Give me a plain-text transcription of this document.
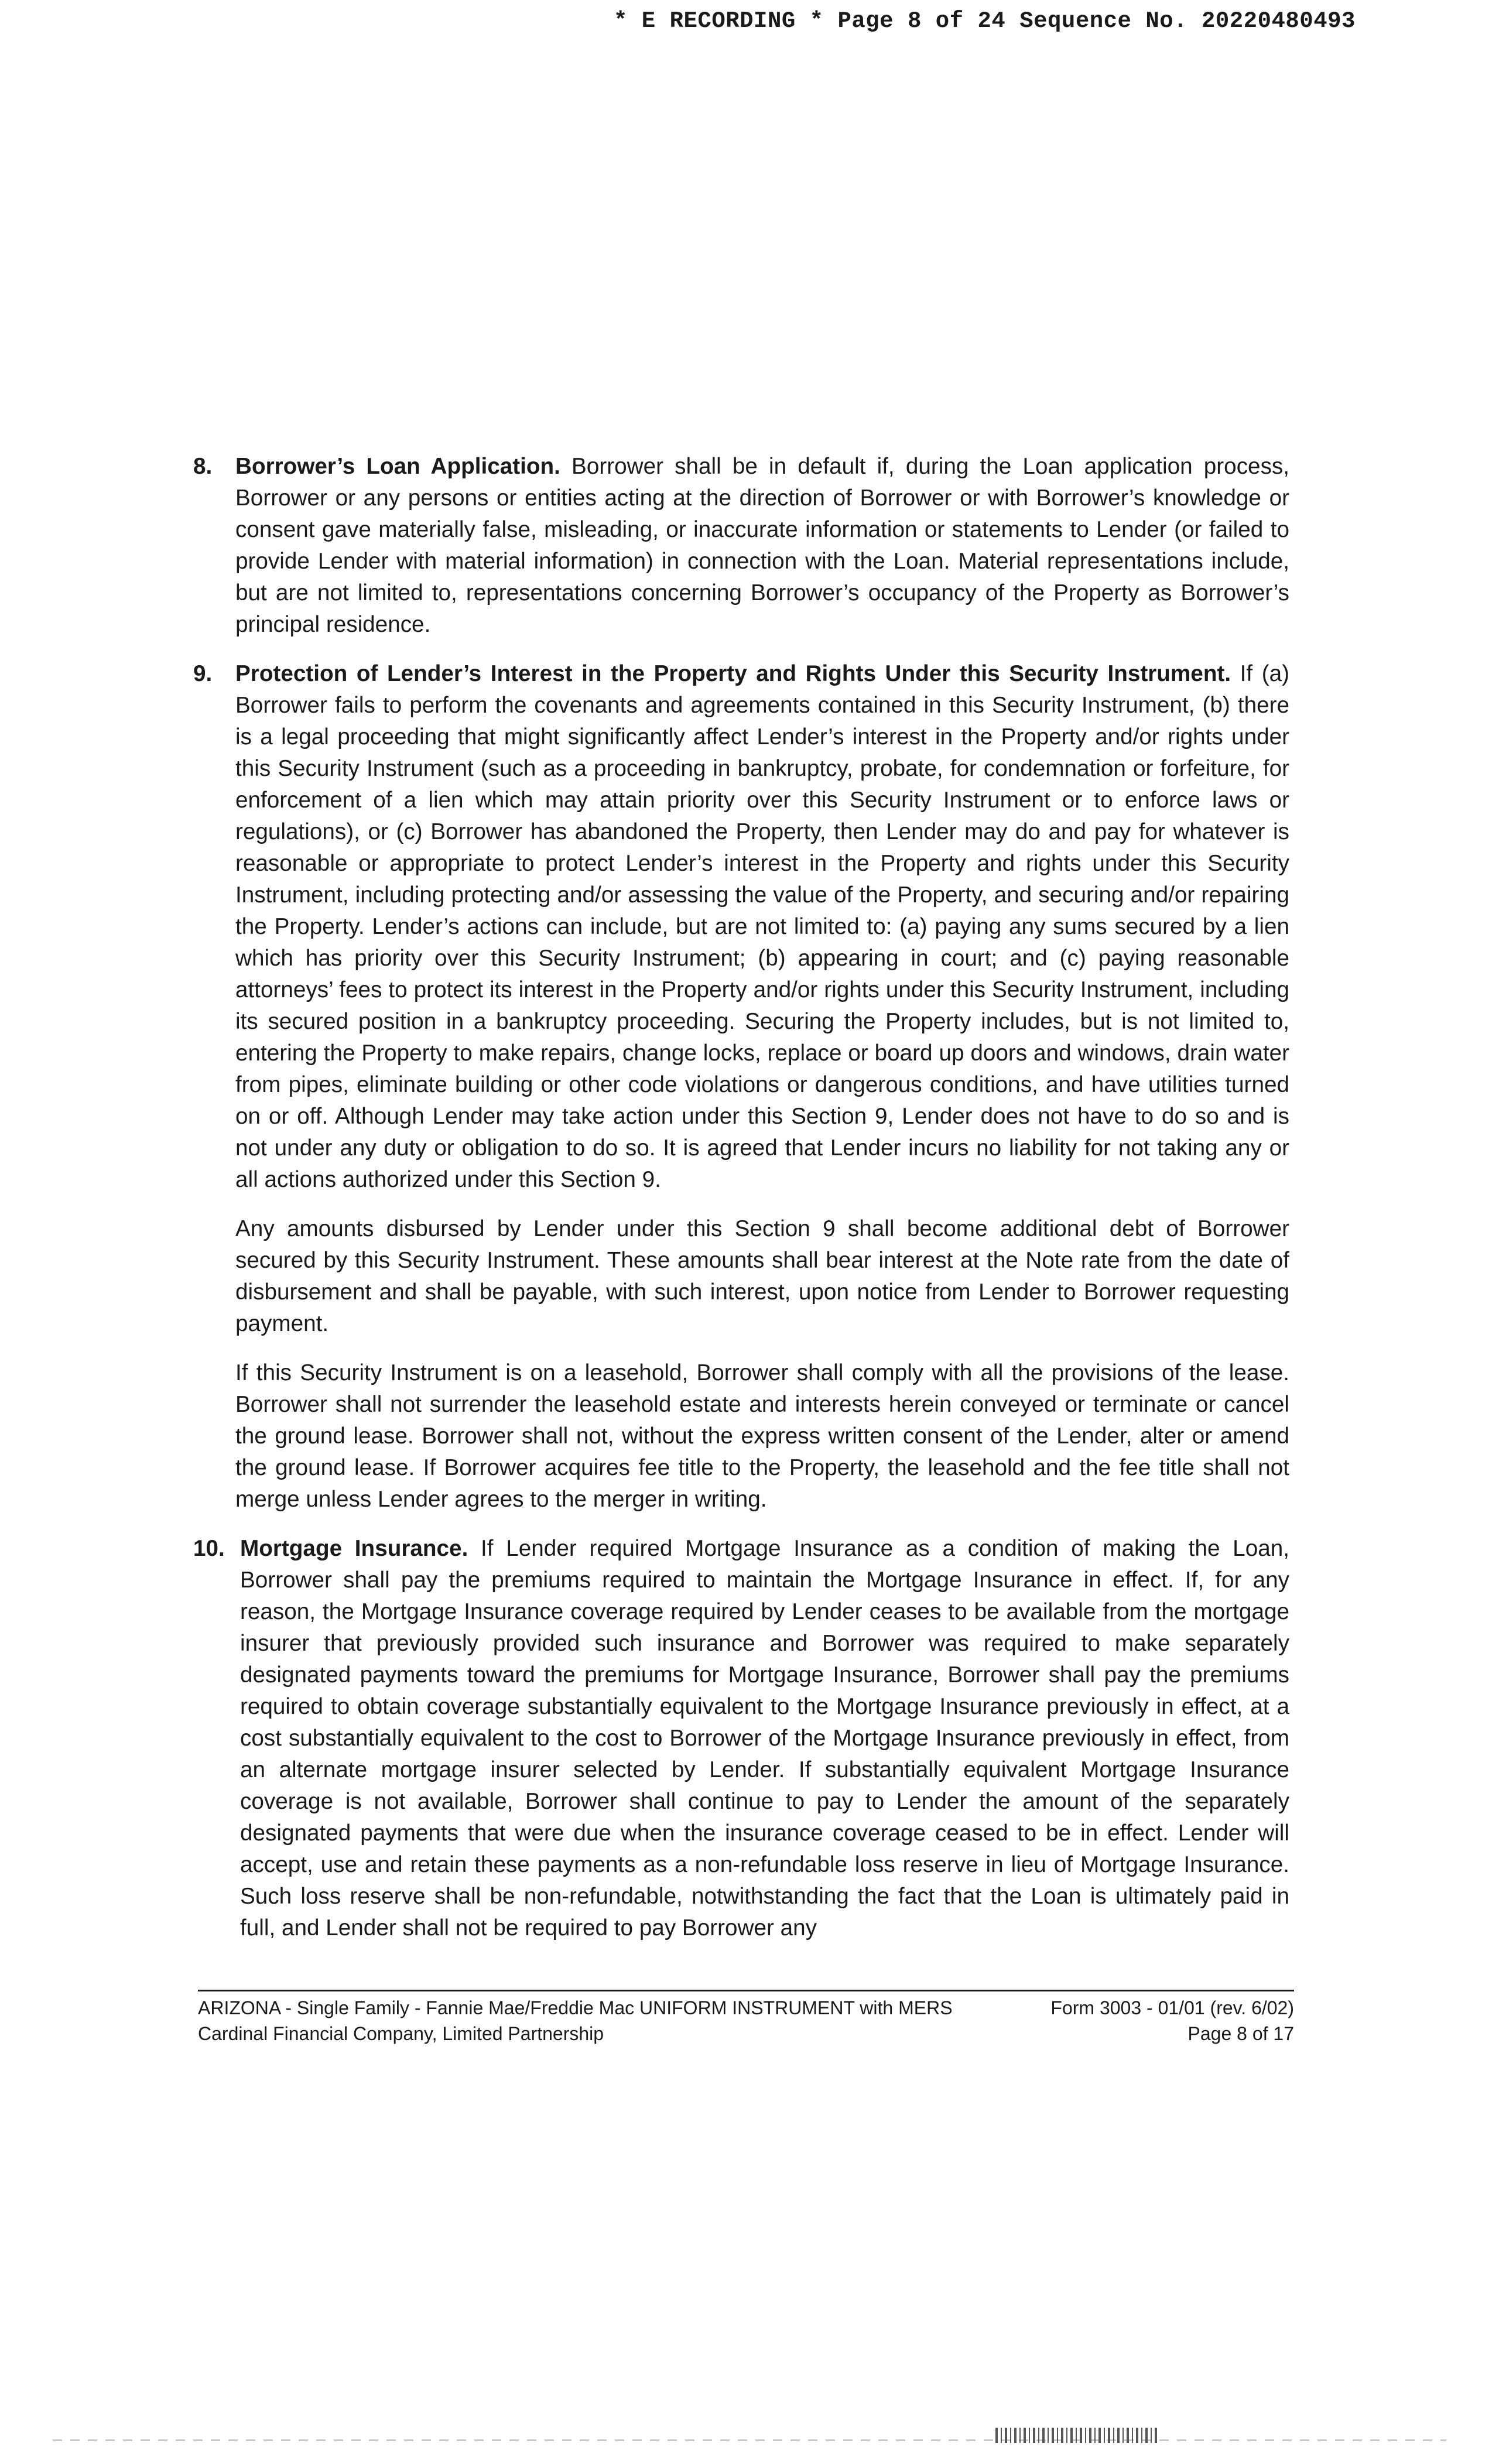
* E RECORDING * Page 8 of 24 Sequence No. 20220480493
8. Borrower’s Loan Application. Borrower shall be in default if, during the Loan application process, Borrower or any persons or entities acting at the direction of Borrower or with Borrower’s knowledge or consent gave materially false, misleading, or inaccurate information or statements to Lender (or failed to provide Lender with material information) in connection with the Loan. Material representations include, but are not limited to, representations concerning Borrower’s occupancy of the Property as Borrower’s principal residence.

9. Protection of Lender’s Interest in the Property and Rights Under this Security Instrument. If (a) Borrower fails to perform the covenants and agreements contained in this Security Instrument, (b) there is a legal proceeding that might significantly affect Lender’s interest in the Property and/or rights under this Security Instrument (such as a proceeding in bankruptcy, probate, for condemnation or forfeiture, for enforcement of a lien which may attain priority over this Security Instrument or to enforce laws or regulations), or (c) Borrower has abandoned the Property, then Lender may do and pay for whatever is reasonable or appropriate to protect Lender’s interest in the Property and rights under this Security Instrument, including protecting and/or assessing the value of the Property, and securing and/or repairing the Property. Lender’s actions can include, but are not limited to: (a) paying any sums secured by a lien which has priority over this Security Instrument; (b) appearing in court; and (c) paying reasonable attorneys’ fees to protect its interest in the Property and/or rights under this Security Instrument, including its secured position in a bankruptcy proceeding. Securing the Property includes, but is not limited to, entering the Property to make repairs, change locks, replace or board up doors and windows, drain water from pipes, eliminate building or other code violations or dangerous conditions, and have utilities turned on or off. Although Lender may take action under this Section 9, Lender does not have to do so and is not under any duty or obligation to do so. It is agreed that Lender incurs no liability for not taking any or all actions authorized under this Section 9.

Any amounts disbursed by Lender under this Section 9 shall become additional debt of Borrower secured by this Security Instrument. These amounts shall bear interest at the Note rate from the date of disbursement and shall be payable, with such interest, upon notice from Lender to Borrower requesting payment.

If this Security Instrument is on a leasehold, Borrower shall comply with all the provisions of the lease. Borrower shall not surrender the leasehold estate and interests herein conveyed or terminate or cancel the ground lease. Borrower shall not, without the express written consent of the Lender, alter or amend the ground lease. If Borrower acquires fee title to the Property, the leasehold and the fee title shall not merge unless Lender agrees to the merger in writing.

10. Mortgage Insurance. If Lender required Mortgage Insurance as a condition of making the Loan, Borrower shall pay the premiums required to maintain the Mortgage Insurance in effect. If, for any reason, the Mortgage Insurance coverage required by Lender ceases to be available from the mortgage insurer that previously provided such insurance and Borrower was required to make separately designated payments toward the premiums for Mortgage Insurance, Borrower shall pay the premiums required to obtain coverage substantially equivalent to the Mortgage Insurance previously in effect, at a cost substantially equivalent to the cost to Borrower of the Mortgage Insurance previously in effect, from an alternate mortgage insurer selected by Lender. If substantially equivalent Mortgage Insurance coverage is not available, Borrower shall continue to pay to Lender the amount of the separately designated payments that were due when the insurance coverage ceased to be in effect. Lender will accept, use and retain these payments as a non-refundable loss reserve in lieu of Mortgage Insurance. Such loss reserve shall be non-refundable, notwithstanding the fact that the Loan is ultimately paid in full, and Lender shall not be required to pay Borrower any

ARIZONA - Single Family - Fannie Mae/Freddie Mac UNIFORM INSTRUMENT with MERS	Form 3003 - 01/01 (rev. 6/02)
Cardinal Financial Company, Limited Partnership	Page 8 of 17
